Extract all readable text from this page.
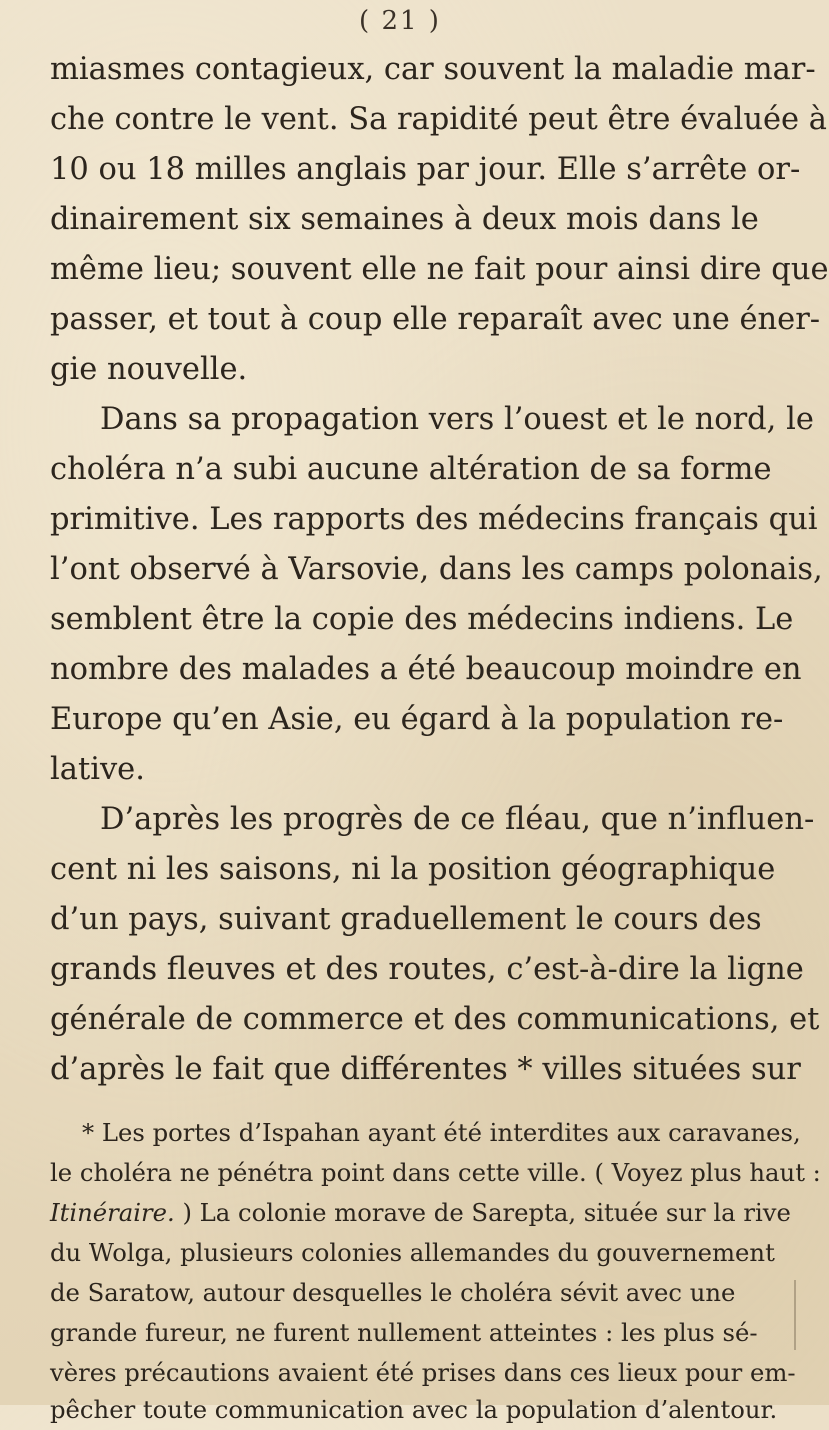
( 21 )
miasmes contagieux, car souvent la maladie mar-
che contre le vent. Sa rapidité peut être évaluée à
10 ou 18 milles anglais par jour. Elle s’arrête or-
dinairement six semaines à deux mois dans le
même lieu; souvent elle ne fait pour ainsi dire que
passer, et tout à coup elle reparaît avec une éner-
gie nouvelle.
Dans sa propagation vers l’ouest et le nord, le
choléra n’a subi aucune altération de sa forme
primitive. Les rapports des médecins français qui
l’ont observé à Varsovie, dans les camps polonais,
semblent être la copie des médecins indiens. Le
nombre des malades a été beaucoup moindre en
Europe qu’en Asie, eu égard à la population re-
lative.
D’après les progrès de ce fléau, que n’influen-
cent ni les saisons, ni la position géographique
d’un pays, suivant graduellement le cours des
grands fleuves et des routes, c’est-à-dire la ligne
générale de commerce et des communications, et
d’après le fait que différentes * villes situées sur
* Les portes d’Ispahan ayant été interdites aux caravanes,
le choléra ne pénétra point dans cette ville. ( Voyez plus haut :
Itinéraire. ) La colonie morave de Sarepta, située sur la rive
du Wolga, plusieurs colonies allemandes du gouvernement
de Saratow, autour desquelles le choléra sévit avec une
grande fureur, ne furent nullement atteintes : les plus sé-
vères précautions avaient été prises dans ces lieux pour em-
pêcher toute communication avec la population d’alentour.
